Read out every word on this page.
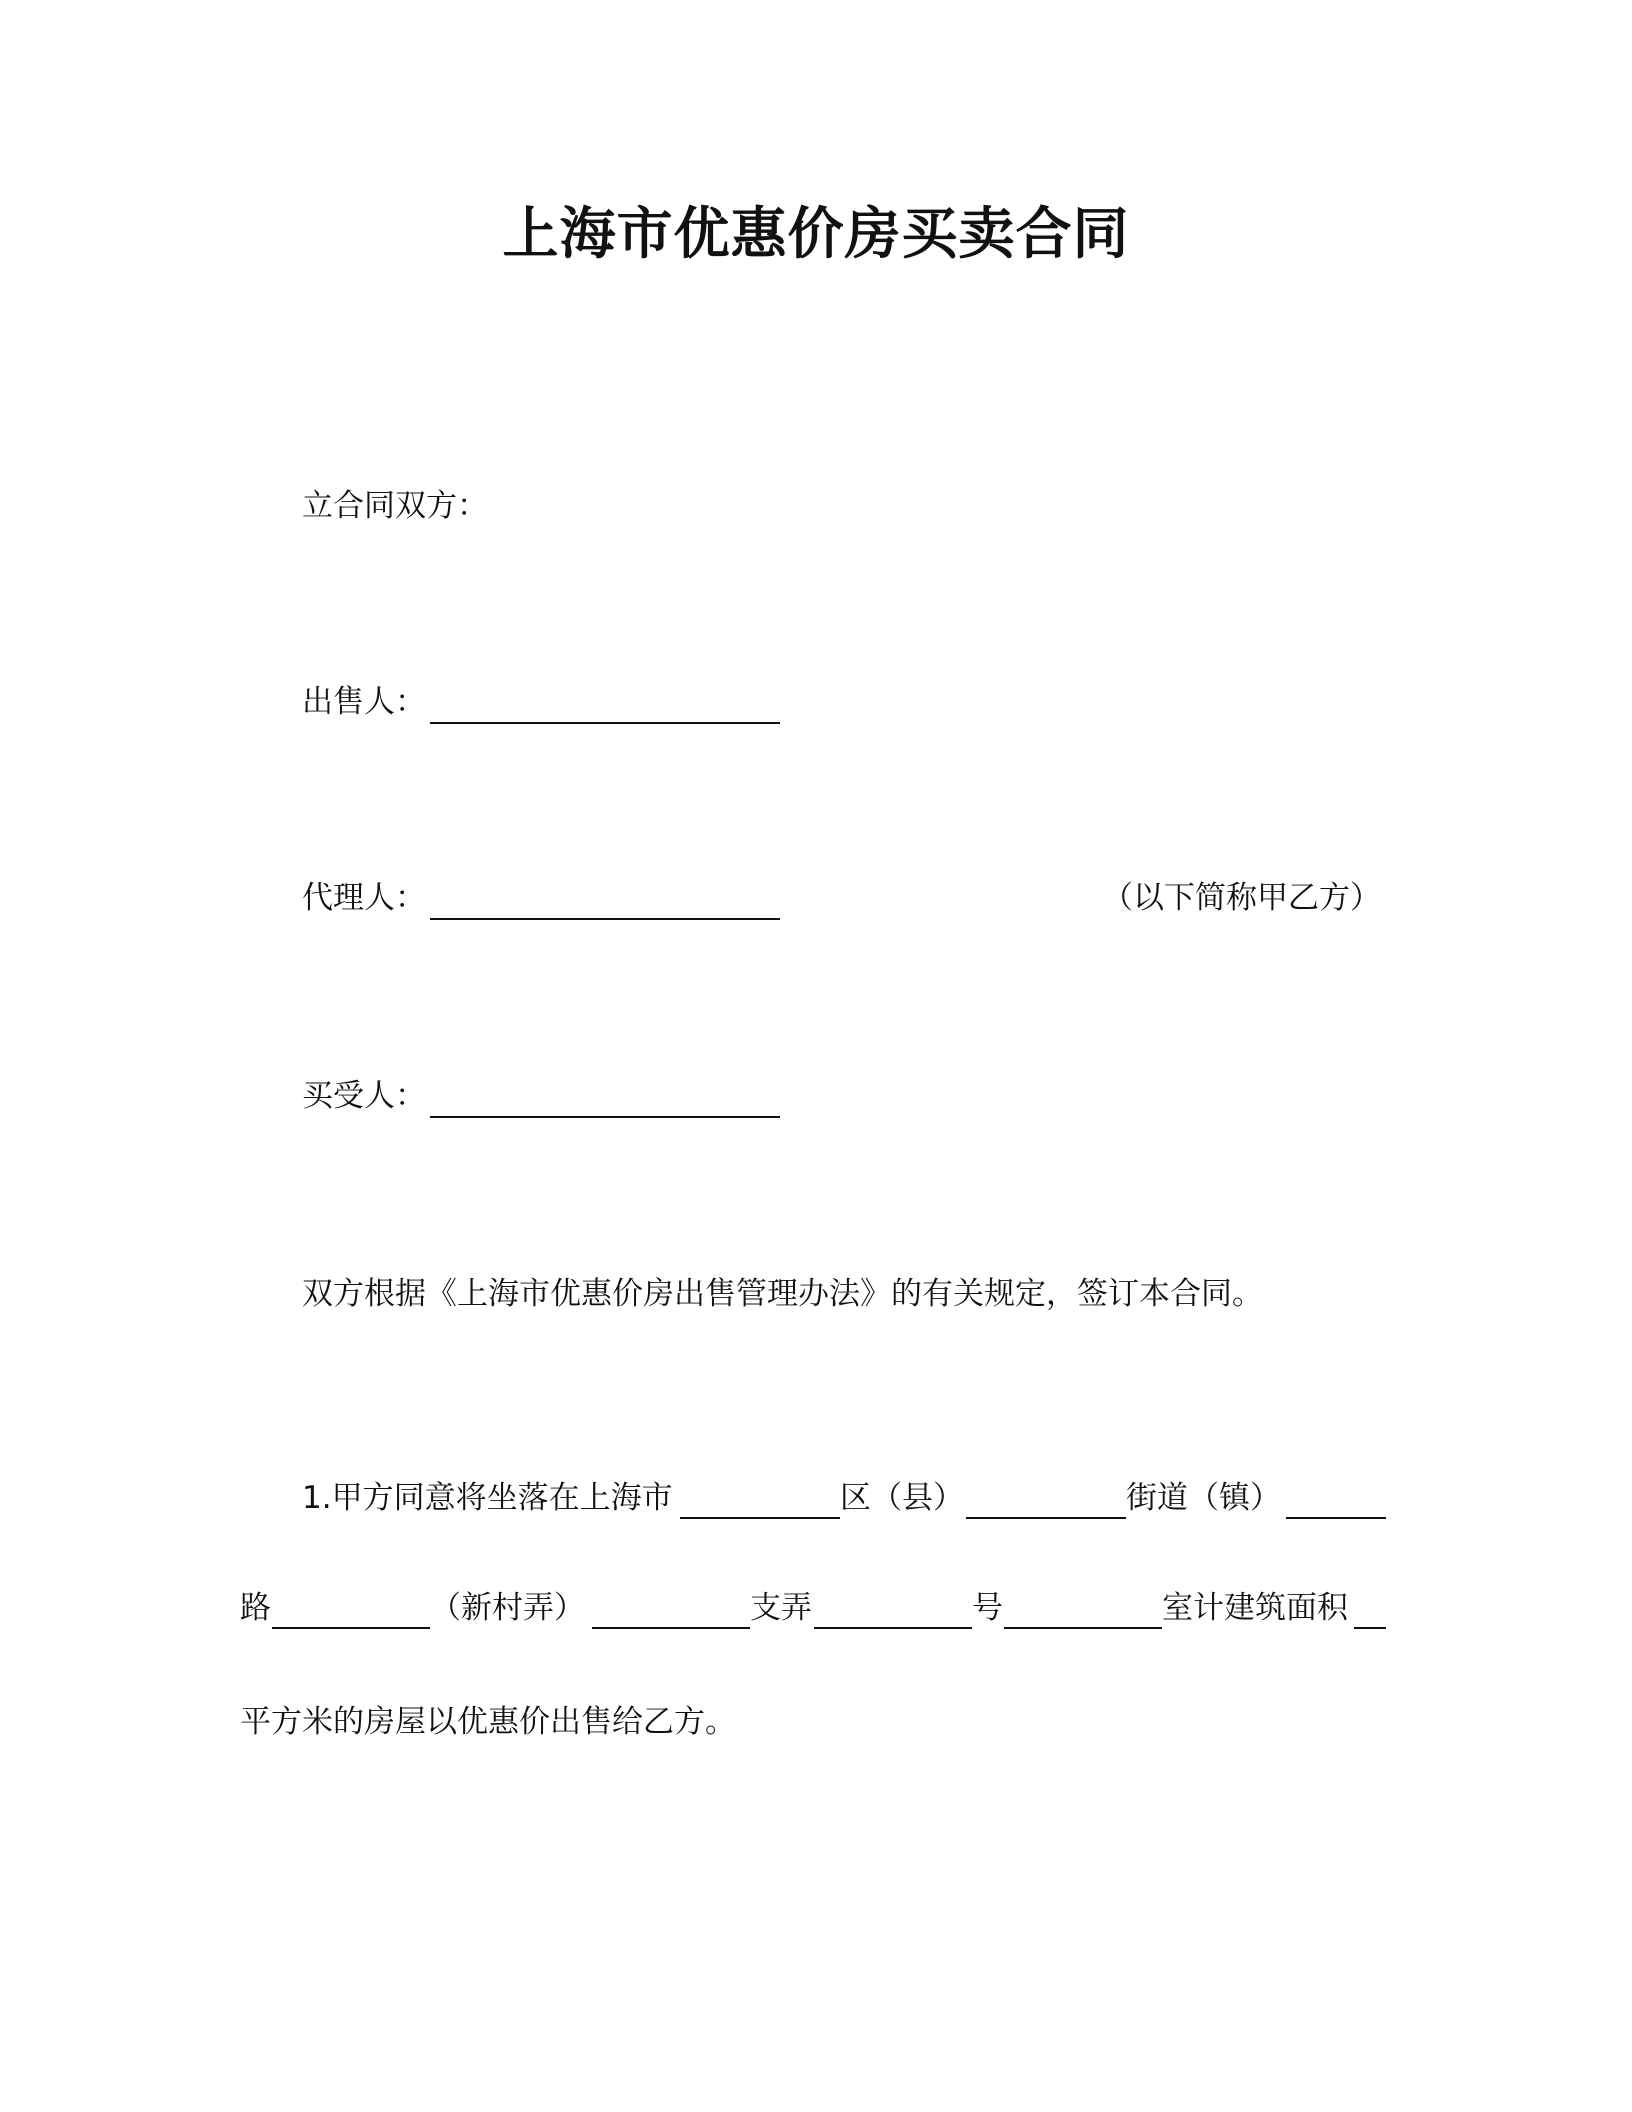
上海市优惠价房买卖合同
立合同双方：
出售人：
代理人：	（以下简称甲乙方）
买受人：
双方根据《上海市优惠价房出售管理办法》的有关规定，签订本合同。
1.甲方同意将坐落在上海市	区（县）	街道（镇）
路	（新村弄）	支弄	号	室计建筑面积
平方米的房屋以优惠价出售给乙方。
